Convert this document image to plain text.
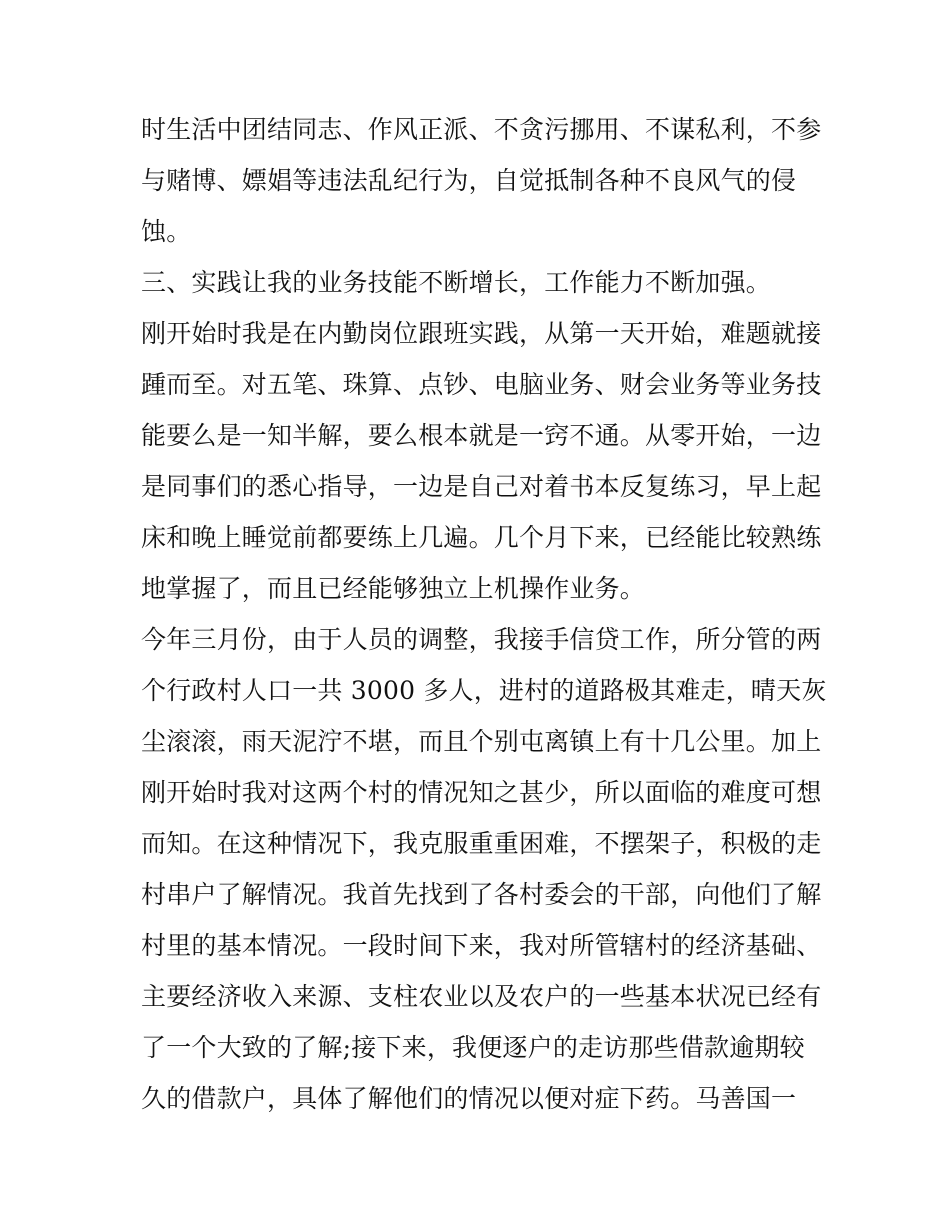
时生活中团结同志、作风正派、不贪污挪用、不谋私利，不参
与赌博、嫖娼等违法乱纪行为，自觉抵制各种不良风气的侵
蚀。
三、实践让我的业务技能不断增长，工作能力不断加强。
刚开始时我是在内勤岗位跟班实践，从第一天开始，难题就接
踵而至。对五笔、珠算、点钞、电脑业务、财会业务等业务技
能要么是一知半解，要么根本就是一窍不通。从零开始，一边
是同事们的悉心指导，一边是自己对着书本反复练习，早上起
床和晚上睡觉前都要练上几遍。几个月下来，已经能比较熟练
地掌握了，而且已经能够独立上机操作业务。
今年三月份，由于人员的调整，我接手信贷工作，所分管的两
个行政村人口一共 3000 多人，进村的道路极其难走，晴天灰
尘滚滚，雨天泥泞不堪，而且个别屯离镇上有十几公里。加上
刚开始时我对这两个村的情况知之甚少，所以面临的难度可想
而知。在这种情况下，我克服重重困难，不摆架子，积极的走
村串户了解情况。我首先找到了各村委会的干部，向他们了解
村里的基本情况。一段时间下来，我对所管辖村的经济基础、
主要经济收入来源、支柱农业以及农户的一些基本状况已经有
了一个大致的了解;接下来，我便逐户的走访那些借款逾期较
久的借款户，具体了解他们的情况以便对症下药。马善国一
